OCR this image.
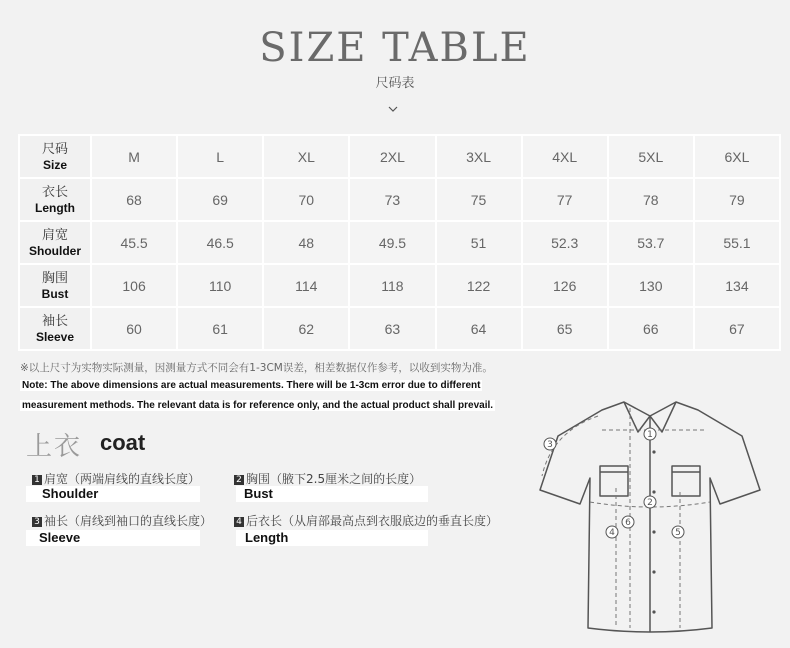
SIZE TABLE
尺码表
尺码
Size	M	L	XL	2XL	3XL	4XL	5XL	6XL

衣长
Length	68	69	70	73	75	77	78	79

肩宽
Shoulder	45.5	46.5	48	49.5	51	52.3	53.7	55.1

胸围
Bust	106	110	114	118	122	126	130	134

袖长
Sleeve	60	61	62	63	64	65	66	67
※以上尺寸为实物实际测量，因测量方式不同会有1-3CM误差，相差数据仅作参考，以收到实物为准。
Note: The above dimensions are actual measurements. There will be 1-3cm error due to different
measurement methods. The relevant data is for reference only, and the actual product shall prevail.
上衣 coat
1 肩宽（两端肩线的直线长度）
Shoulder
2 胸围（腋下2.5厘米之间的长度）
Bust
3 袖长（肩线到袖口的直线长度）
Sleeve
4 后衣长（从肩部最高点到衣服底边的垂直长度）
Length
1
2
3
4	5
6
